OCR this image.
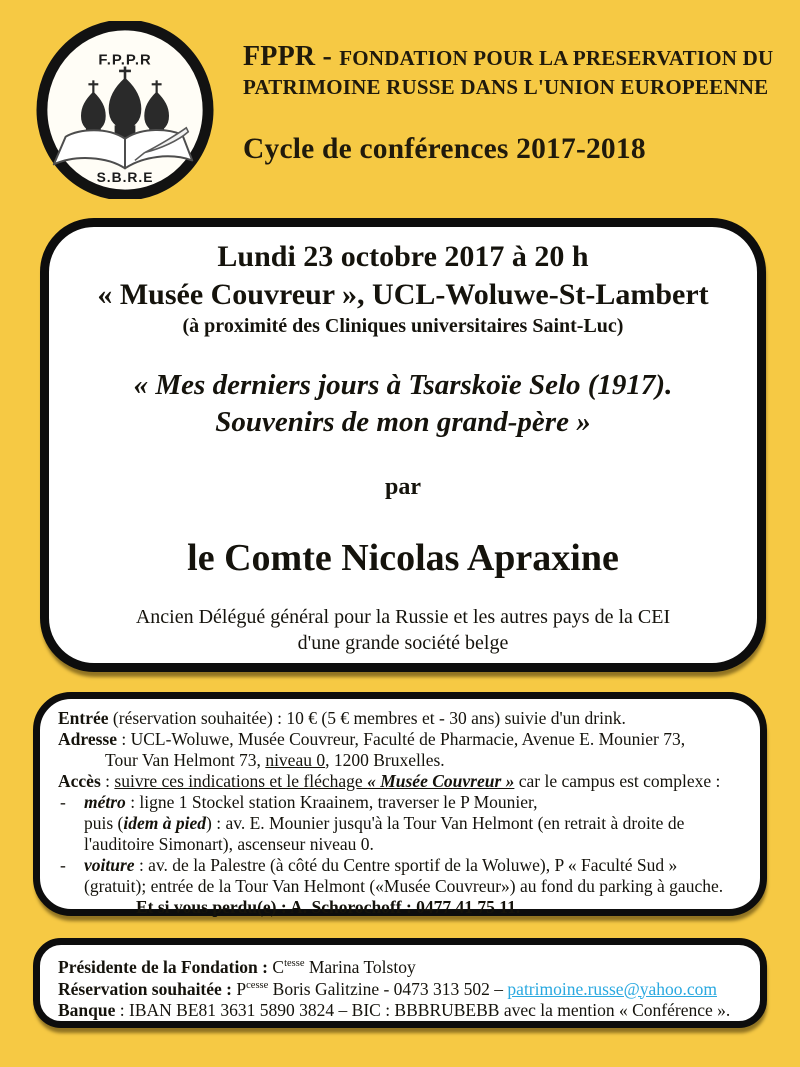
F.P.P.R
S.B.R.E
FPPR - FONDATION POUR LA PRESERVATION DU
PATRIMOINE RUSSE DANS L'UNION EUROPEENNE
Cycle de conférences 2017-2018

Lundi 23 octobre 2017 à 20 h

« Musée Couvreur », UCL-Woluwe-St-Lambert

(à proximité des Cliniques universitaires Saint-Luc)

« Mes derniers jours à Tsarskoïe Selo (1917).
Souvenirs de mon grand-père »

par

le Comte Nicolas Apraxine

Ancien Délégué général pour la Russie et les autres pays de la CEI
d'une grande société belge

Entrée (réservation souhaitée) : 10 € (5 € membres et - 30 ans) suivie d'un drink.
Adresse : UCL-Woluwe, Musée Couvreur, Faculté de Pharmacie, Avenue E. Mounier 73,
Tour Van Helmont 73, niveau 0, 1200 Bruxelles.
Accès : suivre ces indications et le fléchage « Musée Couvreur » car le campus est complexe :
- métro : ligne 1 Stockel station Kraainem, traverser le P Mounier,
puis (idem à pied) : av. E. Mounier jusqu'à la Tour Van Helmont (en retrait à droite de
l'auditoire Simonart), ascenseur niveau 0.
- voiture : av. de la Palestre (à côté du Centre sportif de la Woluwe), P « Faculté Sud »
(gratuit); entrée de la Tour Van Helmont («Musée Couvreur») au fond du parking à gauche.
Et si vous perdu(e) : A. Schorochoff : 0477 41 75 11.
Présidente de la Fondation : $C^{tesse}$ Marina Tolstoy
Réservation souhaitée : $P^{cesse}$ Boris Galitzine - 0473 313 502 – patrimoine.russe@yahoo.com
Banque : IBAN BE81 3631 5890 3824 – BIC : BBBRUBEBB avec la mention « Conférence ».
